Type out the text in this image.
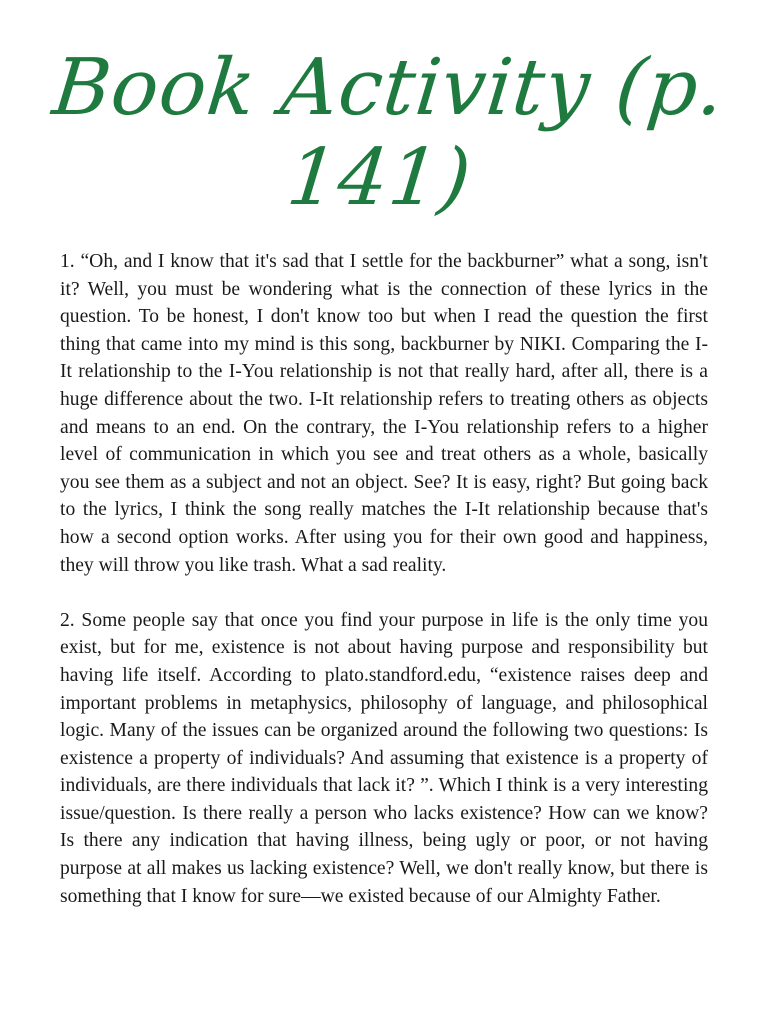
Book Activity (p. 141)

1. “Oh, and I know that it's sad that I settle for the backburner” what a song, isn't it? Well, you must be wondering what is the connection of these lyrics in the question. To be honest, I don't know too but when I read the question the first thing that came into my mind is this song, backburner by NIKI. Comparing the I-It relationship to the I-You relationship is not that really hard, after all, there is a huge difference about the two. I-It relationship refers to treating others as objects and means to an end. On the contrary, the I-You relationship refers to a higher level of communication in which you see and treat others as a whole, basically you see them as a subject and not an object. See? It is easy, right? But going back to the lyrics, I think the song really matches the I-It relationship because that's how a second option works. After using you for their own good and happiness, they will throw you like trash. What a sad reality.

2. Some people say that once you find your purpose in life is the only time you exist, but for me, existence is not about having purpose and responsibility but having life itself. According to plato.standford.edu, “existence raises deep and important problems in metaphysics, philosophy of language, and philosophical logic. Many of the issues can be organized around the following two questions: Is existence a property of individuals? And assuming that existence is a property of individuals, are there individuals that lack it? ”. Which I think is a very interesting issue/question. Is there really a person who lacks existence? How can we know? Is there any indication that having illness, being ugly or poor, or not having purpose at all makes us lacking existence? Well, we don't really know, but there is something that I know for sure—we existed because of our Almighty Father.
